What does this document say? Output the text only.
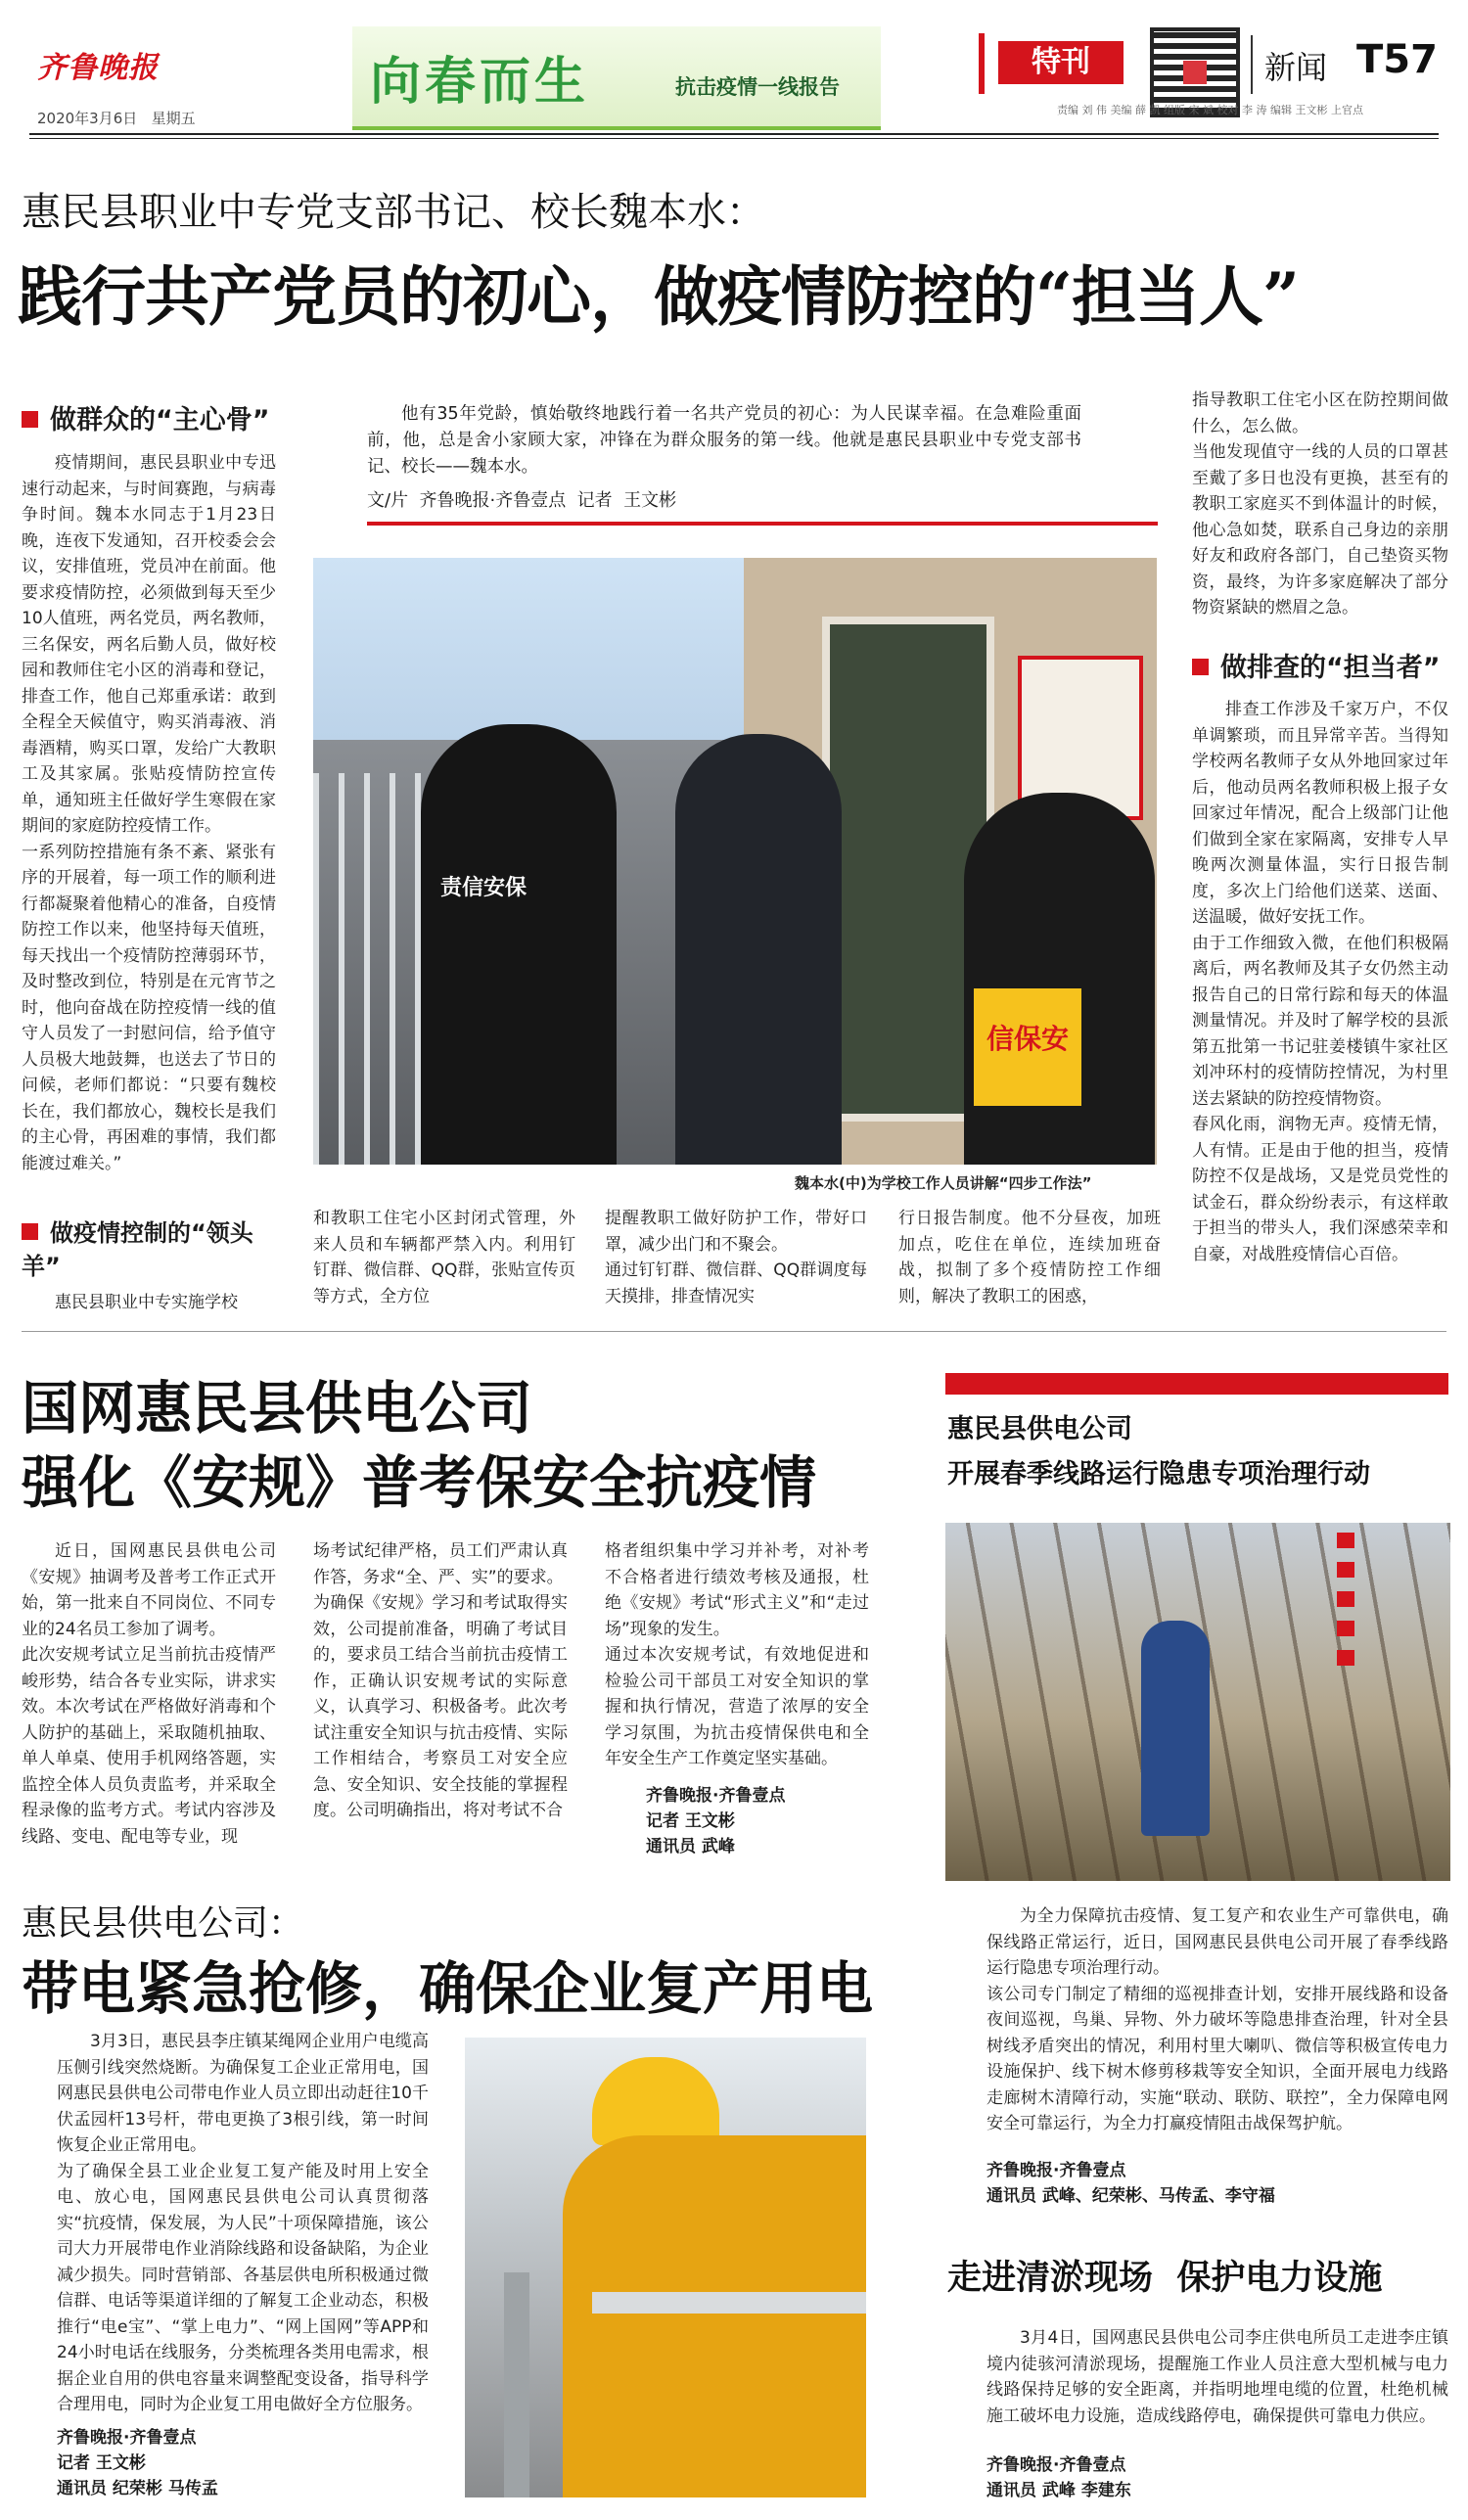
齐鲁晚报
2020年3月6日 星期五
向春而生	抗击疫情一线报告
特刊	新闻 T57
责编 刘 伟 美编 薛 凯 组版 宋 斌 校对 李 涛 编辑 王文彬 上官点
惠民县职业中专党支部书记、校长魏本水：
践行共产党员的初心，做疫情防控的“担当人”
做群众的“主心骨”
疫情期间，惠民县职业中专迅速行动起来，与时间赛跑，与病毒争时间。魏本水同志于1月23日晚，连夜下发通知，召开校委会会议，安排值班，党员冲在前面。他要求疫情防控，必须做到每天至少10人值班，两名党员，两名教师，三名保安，两名后勤人员，做好校园和教师住宅小区的消毒和登记，排查工作，他自己郑重承诺：敢到全程全天候值守，购买消毒液、消毒酒精，购买口罩，发给广大教职工及其家属。张贴疫情防控宣传单，通知班主任做好学生寒假在家期间的家庭防控疫情工作。
一系列防控措施有条不紊、紧张有序的开展着，每一项工作的顺利进行都凝聚着他精心的准备，自疫情防控工作以来，他坚持每天值班，每天找出一个疫情防控薄弱环节，及时整改到位，特别是在元宵节之时，他向奋战在防控疫情一线的值守人员发了一封慰问信，给予值守人员极大地鼓舞，也送去了节日的问候，老师们都说：“只要有魏校长在，我们都放心，魏校长是我们的主心骨，再困难的事情，我们都能渡过难关。”
做疫情控制的“领头羊”
惠民县职业中专实施学校
他有35年党龄，慎始敬终地践行着一名共产党员的初心：为人民谋幸福。在急难险重面前，他，总是舍小家顾大家，冲锋在为群众服务的第一线。他就是惠民县职业中专党支部书记、校长——魏本水。
文/片  齐鲁晚报·齐鲁壹点  记者  王文彬
责信安保
信保安
魏本水(中)为学校工作人员讲解“四步工作法”
和教职工住宅小区封闭式管理，外来人员和车辆都严禁入内。利用钉钉群、微信群、QQ群，张贴宣传页等方式，全方位
提醒教职工做好防护工作，带好口罩，减少出门和不聚会。
通过钉钉群、微信群、QQ群调度每天摸排，排查情况实
行日报告制度。他不分昼夜，加班加点，吃住在单位，连续加班奋战，拟制了多个疫情防控工作细则，解决了教职工的困惑，
指导教职工住宅小区在防控期间做什么，怎么做。
当他发现值守一线的人员的口罩甚至戴了多日也没有更换，甚至有的教职工家庭买不到体温计的时候，他心急如焚，联系自己身边的亲朋好友和政府各部门，自己垫资买物资，最终，为许多家庭解决了部分物资紧缺的燃眉之急。
做排查的“担当者”
排查工作涉及千家万户，不仅单调繁琐，而且异常辛苦。当得知学校两名教师子女从外地回家过年后，他动员两名教师积极上报子女回家过年情况，配合上级部门让他们做到全家在家隔离，安排专人早晚两次测量体温，实行日报告制度，多次上门给他们送菜、送面、送温暖，做好安抚工作。
由于工作细致入微，在他们积极隔离后，两名教师及其子女仍然主动报告自己的日常行踪和每天的体温测量情况。并及时了解学校的县派第五批第一书记驻姜楼镇牛家社区刘冲环村的疫情防控情况，为村里送去紧缺的防控疫情物资。
春风化雨，润物无声。疫情无情，人有情。正是由于他的担当，疫情防控不仅是战场，又是党员党性的试金石，群众纷纷表示，有这样敢于担当的带头人，我们深感荣幸和自豪，对战胜疫情信心百倍。
国网惠民县供电公司
强化《安规》普考保安全抗疫情
近日，国网惠民县供电公司《安规》抽调考及普考工作正式开始，第一批来自不同岗位、不同专业的24名员工参加了调考。
此次安规考试立足当前抗击疫情严峻形势，结合各专业实际，讲求实效。本次考试在严格做好消毒和个人防护的基础上，采取随机抽取、单人单桌、使用手机网络答题，实监控全体人员负责监考，并采取全程录像的监考方式。考试内容涉及线路、变电、配电等专业，现
场考试纪律严格，员工们严肃认真作答，务求“全、严、实”的要求。
为确保《安规》学习和考试取得实效，公司提前准备，明确了考试目的，要求员工结合当前抗击疫情工作，正确认识安规考试的实际意义，认真学习、积极备考。此次考试注重安全知识与抗击疫情、实际工作相结合，考察员工对安全应急、安全知识、安全技能的掌握程度。公司明确指出，将对考试不合
格者组织集中学习并补考，对补考不合格者进行绩效考核及通报，杜绝《安规》考试“形式主义”和“走过场”现象的发生。
通过本次安规考试，有效地促进和检验公司干部员工对安全知识的掌握和执行情况，营造了浓厚的安全学习氛围，为抗击疫情保供电和全年安全生产工作奠定坚实基础。
齐鲁晚报·齐鲁壹点
记者 王文彬
通讯员 武峰
惠民县供电公司
开展春季线路运行隐患专项治理行动
为全力保障抗击疫情、复工复产和农业生产可靠供电，确保线路正常运行，近日，国网惠民县供电公司开展了春季线路运行隐患专项治理行动。
该公司专门制定了精细的巡视排查计划，安排开展线路和设备夜间巡视，鸟巢、异物、外力破坏等隐患排查治理，针对全县树线矛盾突出的情况，利用村里大喇叭、微信等积极宣传电力设施保护、线下树木修剪移栽等安全知识，全面开展电力线路走廊树木清障行动，实施“联动、联防、联控”，全力保障电网安全可靠运行，为全力打赢疫情阻击战保驾护航。
齐鲁晚报·齐鲁壹点
通讯员 武峰、纪荣彬、马传孟、李守福
惠民县供电公司：
带电紧急抢修，确保企业复产用电
3月3日，惠民县李庄镇某绳网企业用户电缆高压侧引线突然烧断。为确保复工企业正常用电，国网惠民县供电公司带电作业人员立即出动赶往10千伏孟园杆13号杆，带电更换了3根引线，第一时间恢复企业正常用电。
为了确保全县工业企业复工复产能及时用上安全电、放心电，国网惠民县供电公司认真贯彻落实“抗疫情，保发展，为人民”十项保障措施，该公司大力开展带电作业消除线路和设备缺陷，为企业减少损失。同时营销部、各基层供电所积极通过微信群、电话等渠道详细的了解复工企业动态，积极推行“电e宝”、“掌上电力”、“网上国网”等APP和24小时电话在线服务，分类梳理各类用电需求，根据企业自用的供电容量来调整配变设备，指导科学合理用电，同时为企业复工用电做好全方位服务。
齐鲁晚报·齐鲁壹点
记者 王文彬
通讯员 纪荣彬 马传孟
走进清淤现场  保护电力设施
3月4日，国网惠民县供电公司李庄供电所员工走进李庄镇境内徒骇河清淤现场，提醒施工作业人员注意大型机械与电力线路保持足够的安全距离，并指明地埋电缆的位置，杜绝机械施工破坏电力设施，造成线路停电，确保提供可靠电力供应。
齐鲁晚报·齐鲁壹点
通讯员 武峰 李建东
